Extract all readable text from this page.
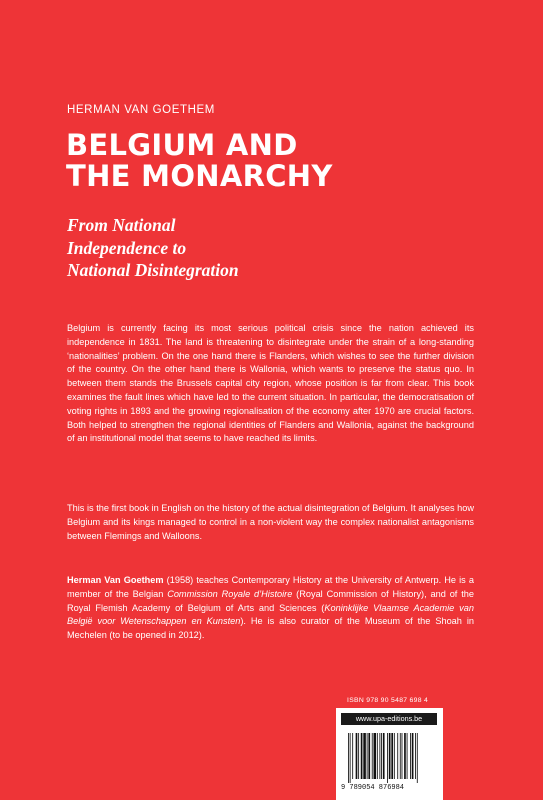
HERMAN VAN GOETHEM
BELGIUM AND
THE MONARCHY
From National
Independence to
National Disintegration

Belgium is currently facing its most serious political crisis since the nation achieved its independence in 1831. The land is threatening to disintegrate under the strain of a long-standing ‘nationalities’ problem. On the one hand there is Flanders, which wishes to see the further division of the country. On the other hand there is Wallonia, which wants to preserve the status quo. In between them stands the Brussels capital city region, whose position is far from clear. This book examines the fault lines which have led to the current situation. In particular, the democratisation of voting rights in 1893 and the growing regionalisation of the economy after 1970 are crucial factors. Both helped to strengthen the regional identities of Flanders and Wallonia, against the background of an institutional model that seems to have reached its limits.

This is the first book in English on the history of the actual disintegration of Belgium. It analyses how Belgium and its kings managed to control in a non-violent way the complex nationalist antagonisms between Flemings and Walloons.

Herman Van Goethem (1958) teaches Contemporary History at the University of Antwerp. He is a member of the Belgian Commission Royale d’Histoire (Royal Commission of History), and of the Royal Flemish Academy of Belgium of Arts and Sciences (Koninklijke Vlaamse Academie van België voor Wetenschappen en Kunsten). He is also curator of the Museum of the Shoah in Mechelen (to be opened in 2012).

ISBN 978 90 5487 698 4
www.upa-editions.be
9 789054 876984
